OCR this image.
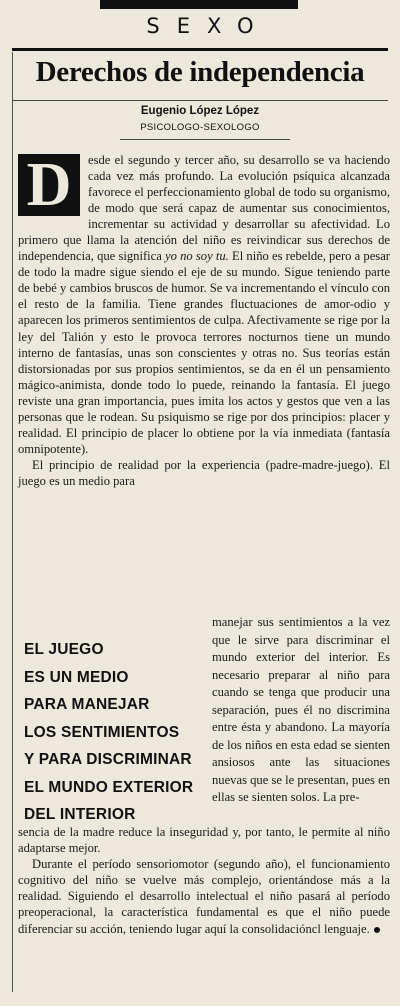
SEXO
Derechos de independencia
Eugenio López López
PSICOLOGO-SEXOLOGO

D	esde el segundo y tercer año, su desarrollo se va haciendo cada vez más profundo. La evolución psíquica alcanzada favorece el perfeccionamiento global de todo su organismo, de modo que será capaz de aumentar sus conocimientos, incrementar su actividad y desarrollar su afectividad. Lo primero que llama la atención del niño es reivindicar sus derechos de independencia, que significa yo no soy tu. El niño es rebelde, pero a pesar de todo la madre sigue siendo el eje de su mundo. Sigue teniendo parte de bebé y cambios bruscos de humor. Se va incrementando el vínculo con el resto de la familia. Tiene grandes fluctuaciones de amor-odio y aparecen los primeros sentimientos de culpa. Afectivamente se rige por la ley del Talión y esto le provoca terrores nocturnos tiene un mundo interno de fantasías, unas son conscientes y otras no. Sus teorías están distorsionadas por sus propios sentimientos, se da en él un pensamiento mágico-animista, donde todo lo puede, reinando la fantasía. El juego reviste una gran importancia, pues imita los actos y gestos que ven a las personas que le rodean. Su psiquismo se rige por dos principios: placer y realidad. El principio de placer lo obtiene por la vía inmediata (fantasía omnipotente).

El principio de realidad por la experiencia (padre-madre-juego). El juego es un medio para

EL JUEGO
ES UN MEDIO
PARA MANEJAR
LOS SENTIMIENTOS
Y PARA DISCRIMINAR
EL MUNDO EXTERIOR
DEL INTERIOR

manejar sus sentimientos a la vez que le sirve para discriminar el mundo exterior del interior. Es necesario preparar al niño para cuando se tenga que producir una separación, pues él no discrimina entre ésta y abandono. La mayoría de los niños en esta edad se sienten ansiosos ante las situaciones nuevas que se le presentan, pues en ellas se sienten solos. La pre-

sencia de la madre reduce la inseguridad y, por tanto, le permite al niño adaptarse mejor.

Durante el período sensoriomotor (segundo año), el funcionamiento cognitivo del niño se vuelve más complejo, orientándose más a la realidad. Siguiendo el desarrollo intelectual el niño pasará al período preoperacional, la característica fundamental es que el niño puede diferenciar su acción, teniendo lugar aquí la consolidacióncl lenguaje.
